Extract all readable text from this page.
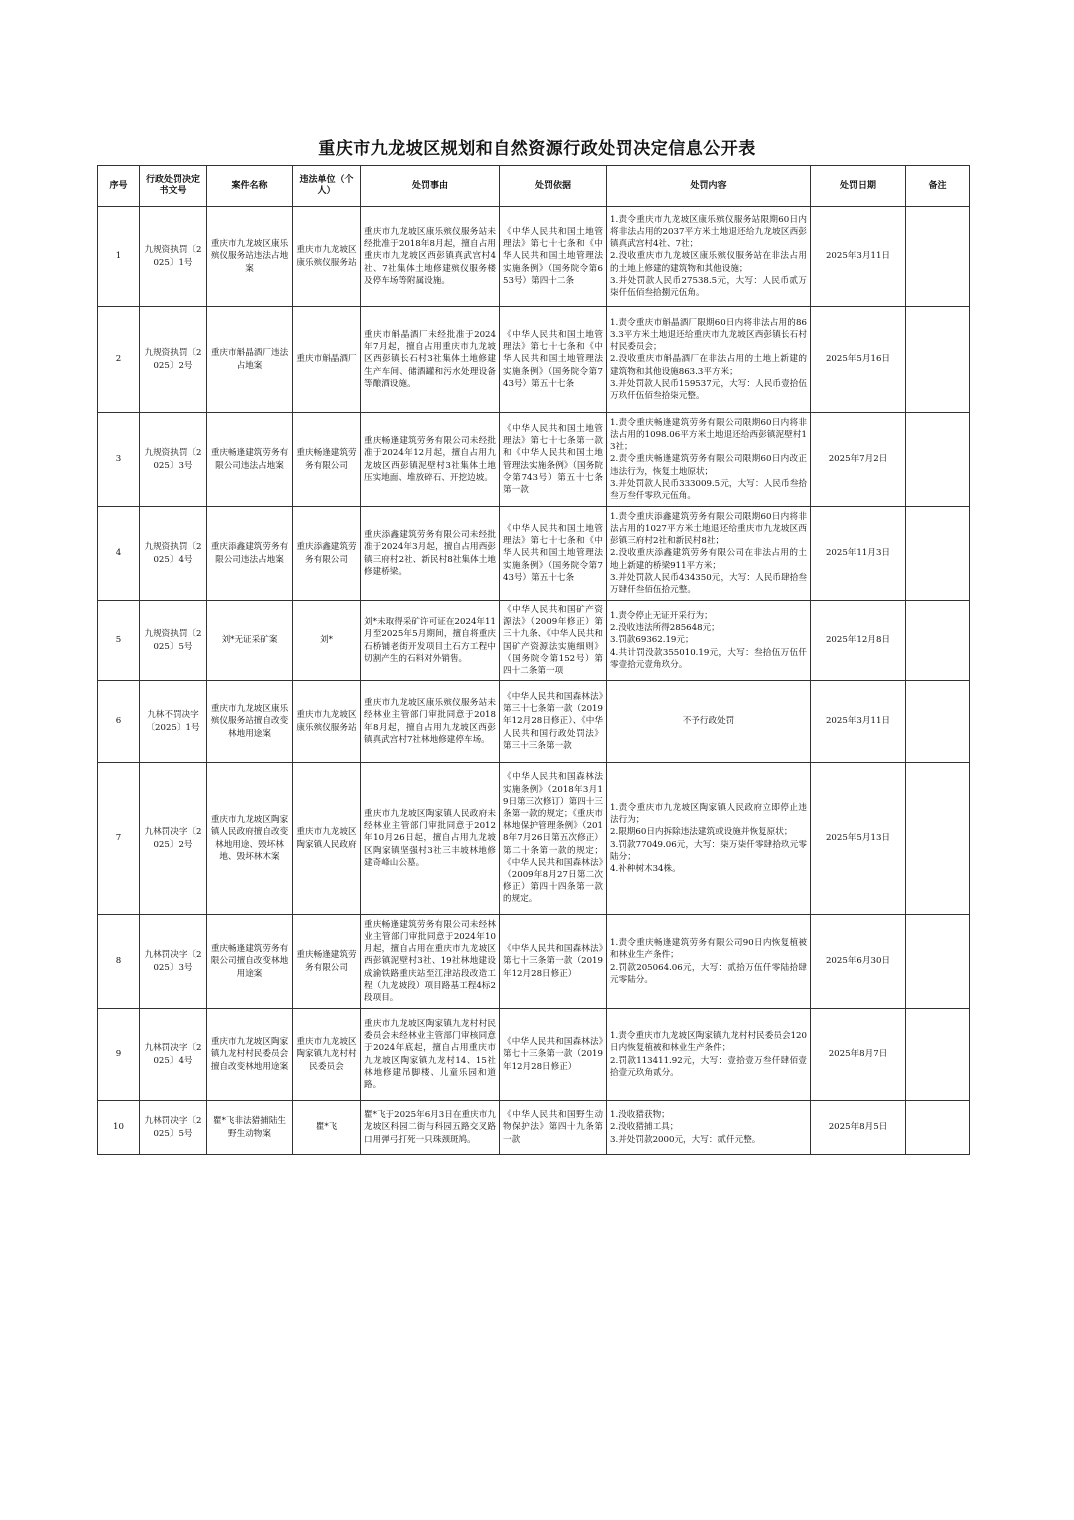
重庆市九龙坡区规划和自然资源行政处罚决定信息公开表
序号	行政处罚决定书文号	案件名称	违法单位（个人）	处罚事由	处罚依据	处罚内容	处罚日期	备注
1	九规资执罚〔2025〕1号	重庆市九龙坡区康乐殡仪服务站违法占地案	重庆市九龙坡区康乐殡仪服务站	重庆市九龙坡区康乐殡仪服务站未经批准于2018年8月起，擅自占用重庆市九龙坡区西彭镇真武宫村4社、7社集体土地修建殡仪服务楼及停车场等附属设施。	《中华人民共和国土地管理法》第七十七条和《中华人民共和国土地管理法实施条例》（国务院令第653号）第四十二条	1.责令重庆市九龙坡区康乐殡仪服务站限期60日内将非法占用的2037平方米土地退还给九龙坡区西彭镇真武宫村4社、7社；
2.没收重庆市九龙坡区康乐殡仪服务站在非法占用的土地上修建的建筑物和其他设施；
3.并处罚款人民币27538.5元，大写：人民币贰万柒仟伍佰叁拾捌元伍角。	2025年3月11日	
2	九规资执罚〔2025〕2号	重庆市斛晶酒厂违法占地案	重庆市斛晶酒厂	重庆市斛晶酒厂未经批准于2024年7月起，擅自占用重庆市九龙坡区西彭镇长石村3社集体土地修建生产车间、储酒罐和污水处理设备等酿酒设施。	《中华人民共和国土地管理法》第七十七条和《中华人民共和国土地管理法实施条例》（国务院令第743号）第五十七条	1.责令重庆市斛晶酒厂限期60日内将非法占用的863.3平方米土地退还给重庆市九龙坡区西彭镇长石村村民委员会；
2.没收重庆市斛晶酒厂在非法占用的土地上新建的建筑物和其他设施863.3平方米；
3.并处罚款人民币159537元，大写：人民币壹拾伍万玖仟伍佰叁拾柒元整。	2025年5月16日	
3	九规资执罚〔2025〕3号	重庆畅逢建筑劳务有限公司违法占地案	重庆畅逢建筑劳务有限公司	重庆畅逢建筑劳务有限公司未经批准于2024年12月起，擅自占用九龙坡区西彭镇泥壁村3社集体土地压实地面、堆放碎石、开挖边坡。	《中华人民共和国土地管理法》第七十七条第一款和《中华人民共和国土地管理法实施条例》（国务院令第743号）第五十七条第一款	1.责令重庆畅逢建筑劳务有限公司限期60日内将非法占用的1098.06平方米土地退还给西彭镇泥壁村13社；
2.责令重庆畅逢建筑劳务有限公司限期60日内改正违法行为，恢复土地原状；
3.并处罚款人民币333009.5元，大写：人民币叁拾叁万叁仟零玖元伍角。	2025年7月2日	
4	九规资执罚〔2025〕4号	重庆添鑫建筑劳务有限公司违法占地案	重庆添鑫建筑劳务有限公司	重庆添鑫建筑劳务有限公司未经批准于2024年3月起，擅自占用西彭镇三府村2社、新民村8社集体土地修建桥梁。	《中华人民共和国土地管理法》第七十七条和《中华人民共和国土地管理法实施条例》（国务院令第743号）第五十七条	1.责令重庆添鑫建筑劳务有限公司限期60日内将非法占用的1027平方米土地退还给重庆市九龙坡区西彭镇三府村2社和新民村8社；
2.没收重庆添鑫建筑劳务有限公司在非法占用的土地上新建的桥梁911平方米；
3.并处罚款人民币434350元，大写：人民币肆拾叁万肆仟叁佰伍拾元整。	2025年11月3日	
5	九规资执罚〔2025〕5号	刘*无证采矿案	刘*	刘*未取得采矿许可证在2024年11月至2025年5月期间，擅自将重庆石桥铺老街开发项目土石方工程中切割产生的石料对外销售。	《中华人民共和国矿产资源法》（2009年修正）第三十九条、《中华人民共和国矿产资源法实施细则》（国务院令第152号）第四十二条第一项	1.责令停止无证开采行为；
2.没收违法所得285648元；
3.罚款69362.19元；
4.共计罚没款355010.19元，大写：叁拾伍万伍仟零壹拾元壹角玖分。	2025年12月8日	
6	九林不罚决字〔2025〕1号	重庆市九龙坡区康乐殡仪服务站擅自改变林地用途案	重庆市九龙坡区康乐殡仪服务站	重庆市九龙坡区康乐殡仪服务站未经林业主管部门审批同意于2018年8月起，擅自占用九龙坡区西彭镇真武宫村7社林地修建停车场。	《中华人民共和国森林法》第三十七条第一款（2019年12月28日修正）、《中华人民共和国行政处罚法》第三十三条第一款	不予行政处罚	2025年3月11日	
7	九林罚决字〔2025〕2号	重庆市九龙坡区陶家镇人民政府擅自改变林地用途、毁坏林地、毁坏林木案	重庆市九龙坡区陶家镇人民政府	重庆市九龙坡区陶家镇人民政府未经林业主管部门审批同意于2012年10月26日起，擅自占用九龙坡区陶家镇坚强村3社三丰坡林地修建奇峰山公墓。	《中华人民共和国森林法实施条例》（2018年3月19日第三次修订）第四十三条第一款的规定；《重庆市林地保护管理条例》（2018年7月26日第五次修正）第二十条第一款的规定；《中华人民共和国森林法》（2009年8月27日第二次修正）第四十四条第一款的规定。	1.责令重庆市九龙坡区陶家镇人民政府立即停止违法行为；
2.限期60日内拆除违法建筑或设施并恢复原状；
3.罚款77049.06元，大写：柒万柒仟零肆拾玖元零陆分；
4.补种树木34株。	2025年5月13日	
8	九林罚决字〔2025〕3号	重庆畅逢建筑劳务有限公司擅自改变林地用途案	重庆畅逢建筑劳务有限公司	重庆畅逢建筑劳务有限公司未经林业主管部门审批同意于2024年10月起，擅自占用在重庆市九龙坡区西彭镇泥壁村3社、19社林地建设成渝铁路重庆站至江津站段改造工程（九龙坡段）项目路基工程4标2段项目。	《中华人民共和国森林法》第七十三条第一款（2019年12月28日修正）	1.责令重庆畅逢建筑劳务有限公司90日内恢复植被和林业生产条件；
2.罚款205064.06元，大写：贰拾万伍仟零陆拾肆元零陆分。	2025年6月30日	
9	九林罚决字〔2025〕4号	重庆市九龙坡区陶家镇九龙村村民委员会擅自改变林地用途案	重庆市九龙坡区陶家镇九龙村村民委员会	重庆市九龙坡区陶家镇九龙村村民委员会未经林业主管部门审核同意于2024年底起，擅自占用重庆市九龙坡区陶家镇九龙村14、15社林地修建吊脚楼、儿童乐园和道路。	《中华人民共和国森林法》第七十三条第一款（2019年12月28日修正）	1.责令重庆市九龙坡区陶家镇九龙村村民委员会120日内恢复植被和林业生产条件；
2.罚款113411.92元，大写：壹拾壹万叁仟肆佰壹拾壹元玖角贰分。	2025年8月7日	
10	九林罚决字〔2025〕5号	瞿*飞非法猎捕陆生野生动物案	瞿*飞	瞿*飞于2025年6月3日在重庆市九龙坡区科园二街与科园五路交叉路口用弹弓打死一只珠颈斑鸠。	《中华人民共和国野生动物保护法》第四十九条第一款	1.没收猎获物；
2.没收猎捕工具；
3.并处罚款2000元，大写：贰仟元整。	2025年8月5日	
